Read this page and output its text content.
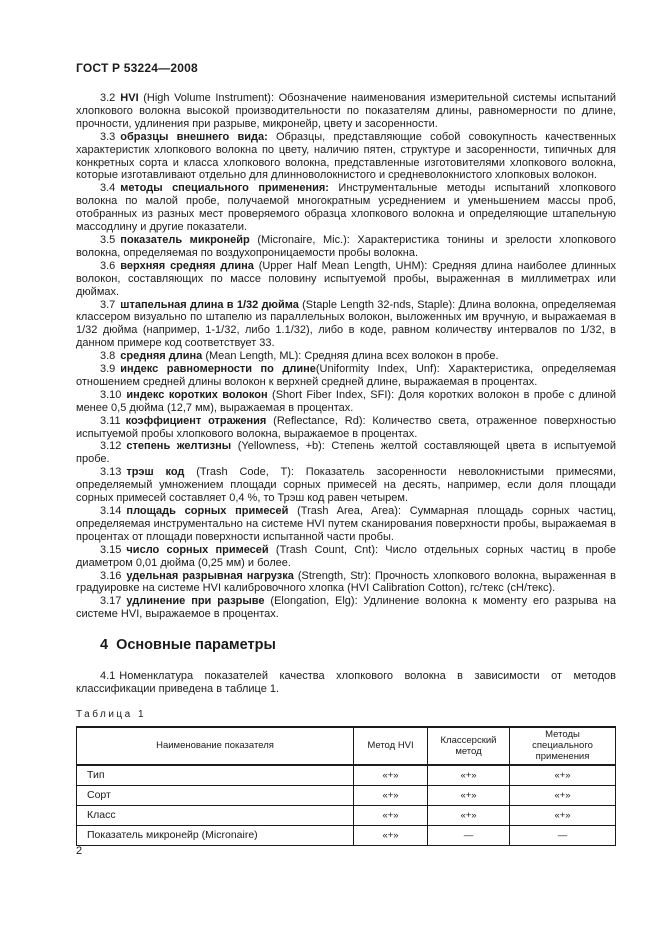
ГОСТ Р 53224—2008

3.2 HVI (High Volume Instrument): Обозначение наименования измерительной системы испытаний хлопкового волокна высокой производительности по показателям длины, равномерности по длине, прочности, удлинения при разрыве, микронейр, цвету и засоренности.

3.3 образцы внешнего вида: Образцы, представляющие собой совокупность качественных характеристик хлопкового волокна по цвету, наличию пятен, структуре и засоренности, типичных для конкретных сорта и класса хлопкового волокна, представленные изготовителями хлопкового волокна, которые изготавливают отдельно для длинноволокнистого и средневолокнистого хлопковых волокон.

3.4 методы специального применения: Инструментальные методы испытаний хлопкового волокна по малой пробе, получаемой многократным усреднением и уменьшением массы проб, отобранных из разных мест проверяемого образца хлопкового волокна и определяющие штапельную массодлину и другие показатели.

3.5 показатель микронейр (Micronaire, Mic.): Характеристика тонины и зрелости хлопкового волокна, определяемая по воздухопроницаемости пробы волокна.

3.6 верхняя средняя длина (Upper Half Mean Length, UHM): Средняя длина наиболее длинных волокон, составляющих по массе половину испытуемой пробы, выраженная в миллиметрах или дюймах.

3.7 штапельная длина в 1/32 дюйма (Staple Length 32-nds, Staple): Длина волокна, определяемая классером визуально по штапелю из параллельных волокон, выложенных им вручную, и выражаемая в 1/32 дюйма (например, 1-1/32, либо 1.1/32), либо в коде, равном количеству интервалов по 1/32, в данном примере код соответствует 33.

3.8 средняя длина (Mean Length, ML): Средняя длина всех волокон в пробе.

3.9 индекс равномерности по длине(Uniformity Index, Unf): Характеристика, определяемая отношением средней длины волокон к верхней средней длине, выражаемая в процентах.

3.10 индекс коротких волокон (Short Fiber Index, SFI): Доля коротких волокон в пробе с длиной менее 0,5 дюйма (12,7 мм), выражаемая в процентах.

3.11 коэффициент отражения (Reflectance, Rd): Количество света, отраженное поверхностью испытуемой пробы хлопкового волокна, выражаемое в процентах.

3.12 степень желтизны (Yellowness, +b): Степень желтой составляющей цвета в испытуемой пробе.

3.13 трэш код (Trash Code, T): Показатель засоренности неволокнистыми примесями, определяемый умножением площади сорных примесей на десять, например, если доля площади сорных примесей составляет 0,4 %, то Трэш код равен четырем.

3.14 площадь сорных примесей (Trash Area, Area): Суммарная площадь сорных частиц, определяемая инструментально на системе HVI путем сканирования поверхности пробы, выражаемая в процентах от площади поверхности испытанной части пробы.

3.15 число сорных примесей (Trash Count, Cnt): Число отдельных сорных частиц в пробе диаметром 0,01 дюйма (0,25 мм) и более.

3.16 удельная разрывная нагрузка (Strength, Str): Прочность хлопкового волокна, выраженная в градуировке на системе HVI калибровочного хлопка (HVI Calibration Cotton), гс/текс (сН/текс).

3.17 удлинение при разрыве (Elongation, Elg): Удлинение волокна к моменту его разрыва на системе HVI, выражаемое в процентах.

4 Основные параметры

4.1 Номенклатура показателей качества хлопкового волокна в зависимости от методов классификации приведена в таблице 1.

Таблица 1
Наименование показателя	Метод HVI	Классерский метод	Методы специального применения
Тип	«+»	«+»	«+»
Сорт	«+»	«+»	«+»
Класс	«+»	«+»	«+»
Показатель микронейр (Micronaire)	«+»	—	—
2
